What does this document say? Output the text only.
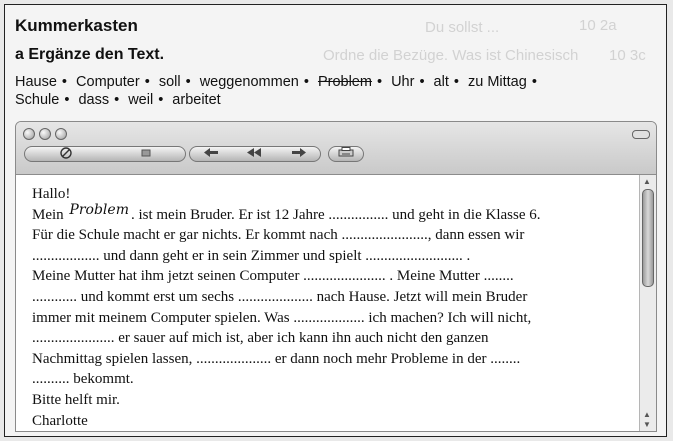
10 2a
Du sollst ...
10 3c
Ordne die Bezüge. Was ist Chinesisch
Kummerkasten
a Ergänze den Text.
Hause • Computer • soll • weggenommen • Problem • Uhr • alt • zu Mittag •
Schule • dass • weil • arbeitet

Hallo!

Mein Problem . ist mein Bruder. Er ist 12 Jahre ................ und geht in die Klasse 6.

Für die Schule macht er gar nichts. Er kommt nach ......................., dann essen wir

.................. und dann geht er in sein Zimmer und spielt .......................... .

Meine Mutter hat ihm jetzt seinen Computer ...................... . Meine Mutter ........

............ und kommt erst um sechs .................... nach Hause. Jetzt will mein Bruder

immer mit meinem Computer spielen. Was ................... ich machen? Ich will nicht,

...................... er sauer auf mich ist, aber ich kann ihn auch nicht den ganzen

Nachmittag spielen lassen, .................... er dann noch mehr Probleme in der ........

.......... bekommt.

Bitte helft mir.

Charlotte

▲
▲
▼
